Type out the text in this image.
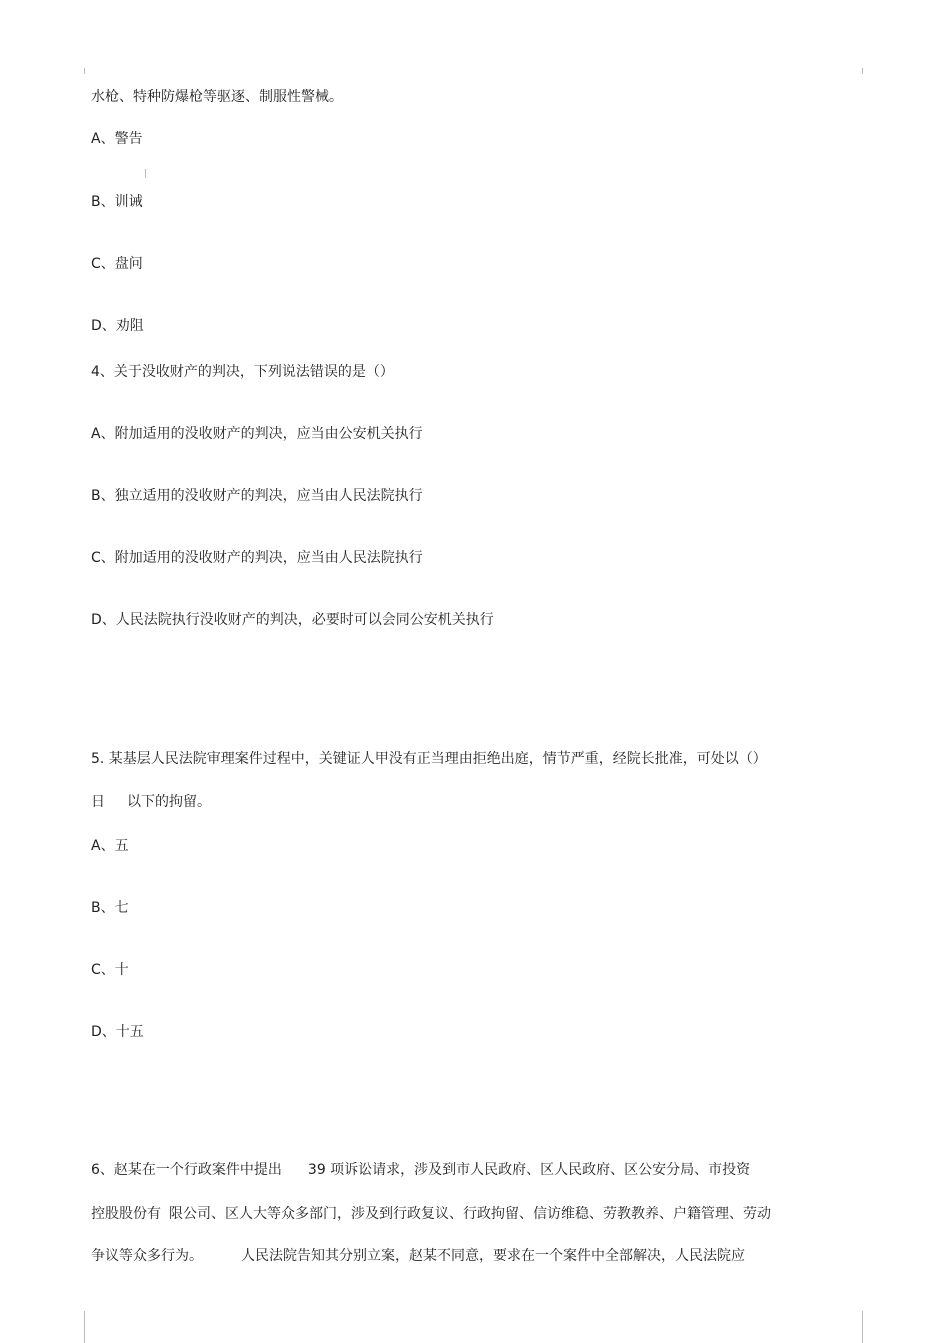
水枪、特种防爆枪等驱逐、制服性警械。
A、警告
B、训诫
C、盘问
D、劝阻
4、关于没收财产的判决，下列说法错误的是（）
A、附加适用的没收财产的判决，应当由公安机关执行
B、独立适用的没收财产的判决，应当由人民法院执行
C、附加适用的没收财产的判决，应当由人民法院执行
D、人民法院执行没收财产的判决，必要时可以会同公安机关执行
5. 某基层人民法院审理案件过程中，关键证人甲没有正当理由拒绝出庭，情节严重，经院长批准，可处以（）
日 以下的拘留。
A、五
B、七
C、十
D、十五
6、赵某在一个行政案件中提出 39 项诉讼请求，涉及到市人民政府、区人民政府、区公安分局、市投资
控股股份有 限公司、区人大等众多部门，涉及到行政复议、行政拘留、信访维稳、劳教教养、户籍管理、劳动
争议等众多行为。	人民法院告知其分别立案，赵某不同意，要求在一个案件中全部解决，人民法院应
